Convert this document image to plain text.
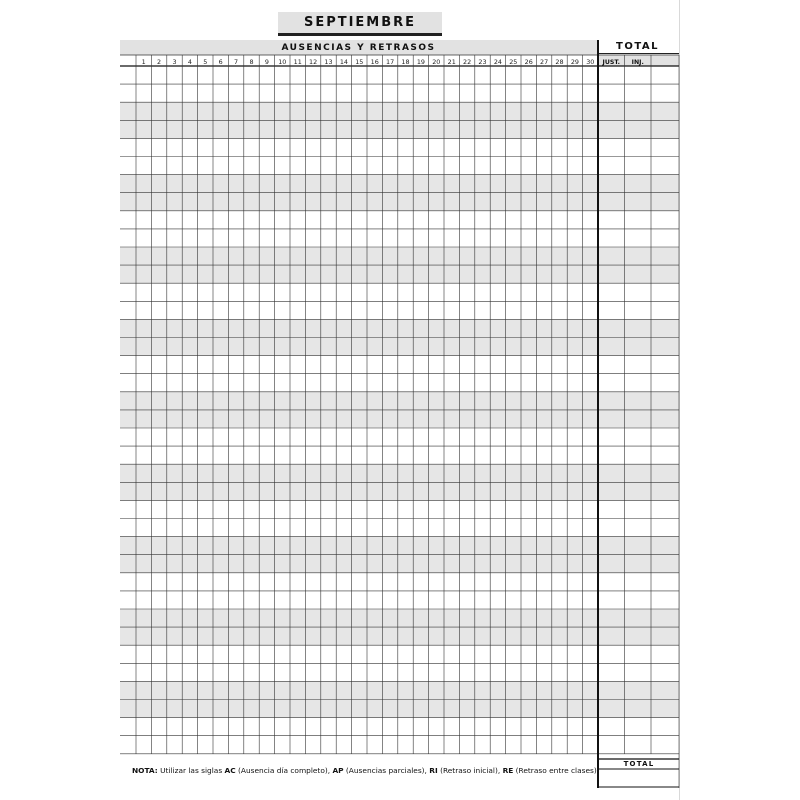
SEPTIEMBRE
AUSENCIAS Y RETRASOS	TOTAL
1 2 3 4 5 6 7 8 9 10 11 12 13 14 15 16 17 18 19 20 21 22 23 24 25 26 27 28 29 30 JUST. INJ.
NOTA: Utilizar las siglas AC (Ausencia día completo), AP (Ausencias parciales), RI (Retraso inicial), RE (Retraso entre clases)
TOTAL
